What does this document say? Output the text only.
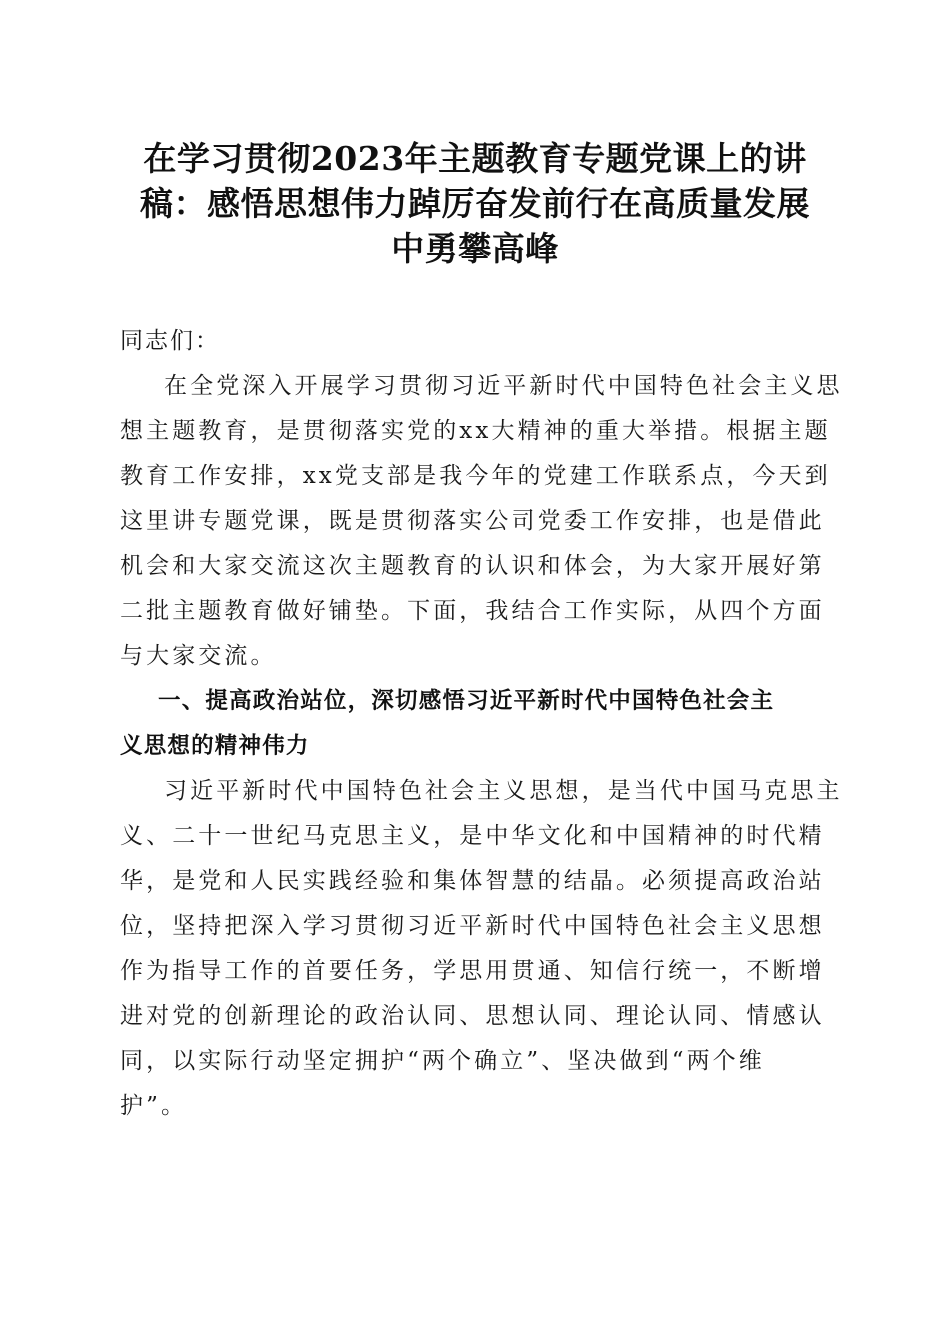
在学习贯彻2023年主题教育专题党课上的讲
稿：感悟思想伟力踔厉奋发前行在高质量发展
中勇攀高峰
同志们：
在全党深入开展学习贯彻习近平新时代中国特色社会主义思
想主题教育，是贯彻落实党的xx大精神的重大举措。根据主题
教育工作安排，xx党支部是我今年的党建工作联系点，今天到
这里讲专题党课，既是贯彻落实公司党委工作安排，也是借此
机会和大家交流这次主题教育的认识和体会，为大家开展好第
二批主题教育做好铺垫。下面，我结合工作实际，从四个方面
与大家交流。
一、提高政治站位，深切感悟习近平新时代中国特色社会主
义思想的精神伟力
习近平新时代中国特色社会主义思想，是当代中国马克思主
义、二十一世纪马克思主义，是中华文化和中国精神的时代精
华，是党和人民实践经验和集体智慧的结晶。必须提高政治站
位，坚持把深入学习贯彻习近平新时代中国特色社会主义思想
作为指导工作的首要任务，学思用贯通、知信行统一，不断增
进对党的创新理论的政治认同、思想认同、理论认同、情感认
同，以实际行动坚定拥护“两个确立”、坚决做到“两个维
护”。
